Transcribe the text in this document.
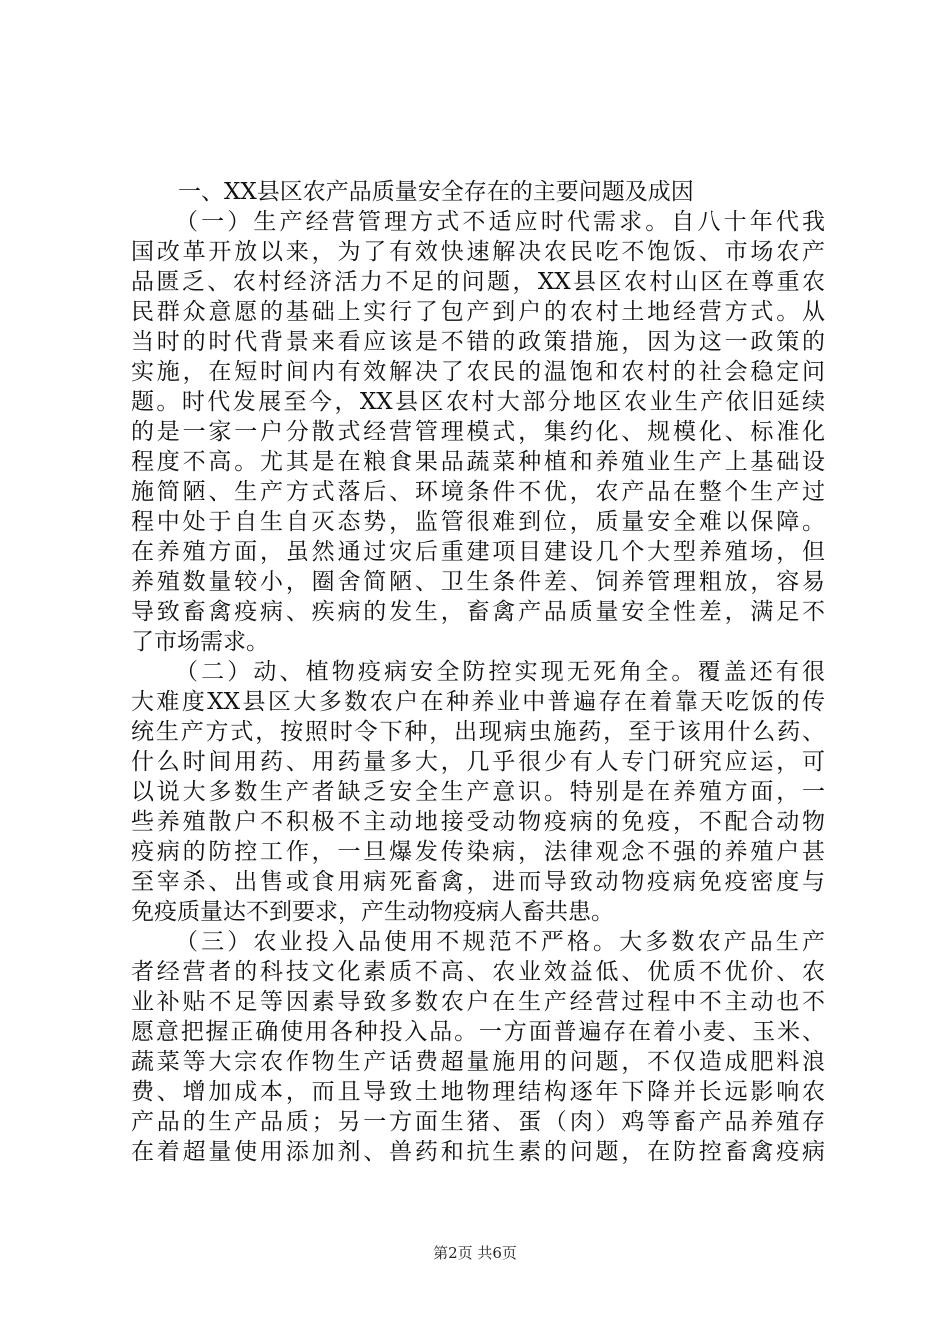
一、XX县区农产品质量安全存在的主要问题及成因
（一）生产经营管理方式不适应时代需求。自八十年代我
国改革开放以来，为了有效快速解决农民吃不饱饭、市场农产
品匮乏、农村经济活力不足的问题，XX县区农村山区在尊重农
民群众意愿的基础上实行了包产到户的农村土地经营方式。从
当时的时代背景来看应该是不错的政策措施，因为这一政策的
实施，在短时间内有效解决了农民的温饱和农村的社会稳定问
题。时代发展至今，XX县区农村大部分地区农业生产依旧延续
的是一家一户分散式经营管理模式，集约化、规模化、标准化
程度不高。尤其是在粮食果品蔬菜种植和养殖业生产上基础设
施简陋、生产方式落后、环境条件不优，农产品在整个生产过
程中处于自生自灭态势，监管很难到位，质量安全难以保障。
在养殖方面，虽然通过灾后重建项目建设几个大型养殖场，但
养殖数量较小，圈舍简陋、卫生条件差、饲养管理粗放，容易
导致畜禽疫病、疾病的发生，畜禽产品质量安全性差，满足不
了市场需求。
（二）动、植物疫病安全防控实现无死角全。覆盖还有很
大难度XX县区大多数农户在种养业中普遍存在着靠天吃饭的传
统生产方式，按照时令下种，出现病虫施药，至于该用什么药、
什么时间用药、用药量多大，几乎很少有人专门研究应运，可
以说大多数生产者缺乏安全生产意识。特别是在养殖方面，一
些养殖散户不积极不主动地接受动物疫病的免疫，不配合动物
疫病的防控工作，一旦爆发传染病，法律观念不强的养殖户甚
至宰杀、出售或食用病死畜禽，进而导致动物疫病免疫密度与
免疫质量达不到要求，产生动物疫病人畜共患。
（三）农业投入品使用不规范不严格。大多数农产品生产
者经营者的科技文化素质不高、农业效益低、优质不优价、农
业补贴不足等因素导致多数农户在生产经营过程中不主动也不
愿意把握正确使用各种投入品。一方面普遍存在着小麦、玉米、
蔬菜等大宗农作物生产话费超量施用的问题，不仅造成肥料浪
费、增加成本，而且导致土地物理结构逐年下降并长远影响农
产品的生产品质；另一方面生猪、蛋（肉）鸡等畜产品养殖存
在着超量使用添加剂、兽药和抗生素的问题，在防控畜禽疫病
第2页 共6页
